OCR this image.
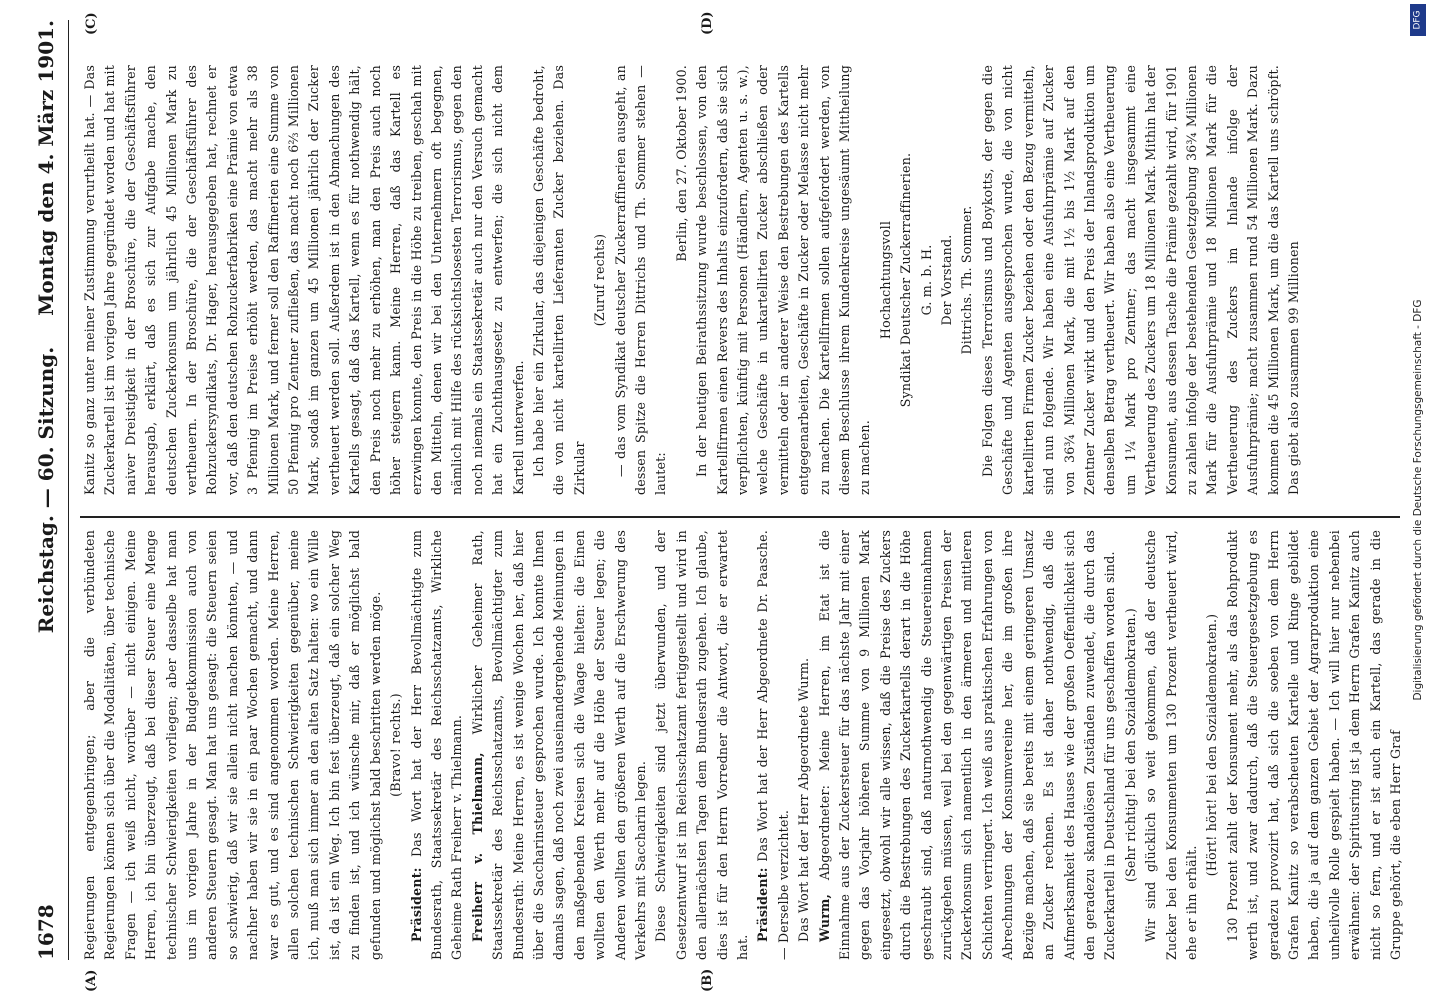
1678
Reichstag. — 60. Sitzung.
Montag den 4. März 1901.
(A)	(B)
(C)	(D)

Regierungen entgegenbringen; aber die verbündeten Regierungen können sich über die Modalitäten, über technische Fragen — ich weiß nicht, worüber — nicht einigen. Meine Herren, ich bin überzeugt, daß bei dieser Steuer eine Menge technischer Schwierigkeiten vorliegen; aber dasselbe hat man uns im vorigen Jahre in der Budgetkommission auch von anderen Steuern gesagt. Man hat uns gesagt: die Steuern seien so schwierig, daß wir sie allein nicht machen könnten, — und nachher haben wir sie in ein paar Wochen gemacht, und dann war es gut, und es sind angenommen worden. Meine Herren, allen solchen technischen Schwierigkeiten gegenüber, meine ich, muß man sich immer an den alten Satz halten: wo ein Wille ist, da ist ein Weg. Ich bin fest überzeugt, daß ein solcher Weg zu finden ist, und ich wünsche mir, daß er möglichst bald gefunden und möglichst bald beschritten werden möge. (Bravo! rechts.)

Präsident: Das Wort hat der Herr Bevollmächtigte zum Bundesrath, Staatssekretär des Reichsschatzamts, Wirkliche Geheime Rath Freiherr v. Thielmann. Freiherr v. Thielmann, Wirklicher Geheimer Rath, Staatssekretär des Reichsschatzamts, Bevollmächtigter zum Bundesrath: Meine Herren, es ist wenige Wochen her, daß hier über die Saccharinsteuer gesprochen wurde. Ich konnte Ihnen damals sagen, daß noch zwei auseinandergehende Meinungen in den maßgebenden Kreisen sich die Waage hielten: die Einen wollten den Werth mehr auf die Höhe der Steuer legen; die Anderen wollten den größeren Werth auf die Erschwerung des Verkehrs mit Saccharin legen. Diese Schwierigkeiten sind jetzt überwunden, und der Gesetzentwurf ist im Reichsschatzamt fertiggestellt und wird in den allernächsten Tagen dem Bundesrath zugehen. Ich glaube, dies ist für den Herrn Vorredner die Antwort, die er erwartet hat.

Präsident: Das Wort hat der Herr Abgeordnete Dr. Paasche. — Derselbe verzichtet. Das Wort hat der Herr Abgeordnete Wurm. Wurm, Abgeordneter: Meine Herren, im Etat ist die Einnahme aus der Zuckersteuer für das nächste Jahr mit einer gegen das Vorjahr höheren Summe von 9 Millionen Mark eingesetzt, obwohl wir alle wissen, daß die Preise des Zuckers durch die Bestrebungen des Zuckerkartells derart in die Höhe geschraubt sind, daß naturnothwendig die Steuereinnahmen zurückgehen müssen, weil bei den gegenwärtigen Preisen der Zuckerkonsum sich namentlich in den ärmeren und mittleren Schichten verringert. Ich weiß aus praktischen Erfahrungen von Abrechnungen der Konsumvereine her, die im großen ihre Bezüge machen, daß sie bereits mit einem geringeren Umsatz an Zucker rechnen. Es ist daher nothwendig, daß die Aufmerksamkeit des Hauses wie der großen Oeffentlichkeit sich den geradezu skandalösen Zuständen zuwendet, die durch das Zuckerkartell in Deutschland für uns geschaffen worden sind. (Sehr richtig! bei den Sozialdemokraten.) Wir sind glücklich so weit gekommen, daß der deutsche Zucker bei den Konsumenten um 130 Prozent vertheuert wird, ehe er ihn erhält.

(Hört! hört! bei den Sozialdemokraten.) 130 Prozent zahlt der Konsument mehr, als das Rohprodukt werth ist, und zwar dadurch, daß die Steuergesetzgebung es geradezu provozirt hat, daß sich die soeben von dem Herrn Grafen Kanitz so verabscheuten Kartelle und Ringe gebildet haben, die ja auf dem ganzen Gebiet der Agrarproduktion eine unheilvolle Rolle gespielt haben. — Ich will hier nur nebenbei erwähnen: der Spiritusring ist ja dem Herrn Grafen Kanitz auch nicht so fern, und er ist auch ein Kartell, das gerade in die Gruppe gehört, die eben Herr Graf

Kanitz so ganz unter meiner Zustimmung verurtheilt hat. — Das Zuckerkartell ist im vorigen Jahre gegründet worden und hat mit naiver Dreistigkeit in der Broschüre, die der Geschäftsführer herausgab, erklärt, daß es sich zur Aufgabe mache, den deutschen Zuckerkonsum um jährlich 45 Millionen Mark zu vertheuern. In der Broschüre, die der Geschäftsführer des Rohzuckersyndikats, Dr. Hager, herausgegeben hat, rechnet er vor, daß den deutschen Rohzuckerfabriken eine Prämie von etwa 3 Pfennig im Preise erhöht werden, das macht mehr als 38 Millionen Mark, und ferner soll den Raffinerien eine Summe von 50 Pfennig pro Zentner zufließen, das macht noch 6⅔ Millionen Mark, sodaß im ganzen um 45 Millionen jährlich der Zucker vertheuert werden soll. Außerdem ist in den Abmachungen des Kartells gesagt, daß das Kartell, wenn es für nothwendig hält, den Preis noch mehr zu erhöhen, man den Preis auch noch höher steigern kann. Meine Herren, daß das Kartell es erzwingen konnte, den Preis in die Höhe zu treiben, geschah mit den Mitteln, denen wir bei den Unternehmern oft begegnen, nämlich mit Hilfe des rücksichtslosesten Terrorismus, gegen den noch niemals ein Staatssekretär auch nur den Versuch gemacht hat ein Zuchthausgesetz zu entwerfen; die sich nicht dem Kartell unterwerfen. Ich habe hier ein Zirkular, das diejenigen Geschäfte bedroht, die von nicht kartellirten Lieferanten Zucker beziehen. Das Zirkular

(Zuruf rechts) — das vom Syndikat deutscher Zuckerraffinerien ausgeht, an dessen Spitze die Herren Dittrichs und Th. Sommer stehen — lautet:

Berlin, den 27. Oktober 1900. In der heutigen Beirathssitzung wurde beschlossen, von den Kartellfirmen einen Revers des Inhalts einzufordern, daß sie sich verpflichten, künftig mit Personen (Händlern, Agenten u. s. w.), welche Geschäfte in unkartellirten Zucker abschließen oder vermitteln oder in anderer Weise den Bestrebungen des Kartells entgegenarbeiten, Geschäfte in Zucker oder Melasse nicht mehr zu machen. Die Kartellfirmen sollen aufgefordert werden, von diesem Beschlusse ihrem Kundenkreise ungesäumt Mittheilung zu machen.

Hochachtungsvoll Syndikat Deutscher Zuckerraffinerien. G. m. b. H. Der Vorstand. Dittrichs. Th. Sommer. Die Folgen dieses Terrorismus und Boykotts, der gegen die Geschäfte und Agenten ausgesprochen wurde, die von nicht kartellirten Firmen Zucker beziehen oder den Bezug vermitteln, sind nun folgende. Wir haben eine Ausfuhrprämie auf Zucker von 36¾ Millionen Mark, die mit 1½ bis 1½ Mark auf den Zentner Zucker wirkt und den Preis der Inlandsproduktion um denselben Betrag vertheuert. Wir haben also eine Vertheuerung um 1¼ Mark pro Zentner; das macht insgesammt eine Vertheuerung des Zuckers um 18 Millionen Mark. Mithin hat der Konsument, aus dessen Tasche die Prämie gezahlt wird, für 1901 zu zahlen infolge der bestehenden Gesetzgebung 36¾ Millionen Mark für die Ausfuhrprämie und 18 Millionen Mark für die Vertheuerung des Zuckers im Inlande infolge der Ausfuhrprämie; macht zusammen rund 54 Millionen Mark. Dazu kommen die 45 Millionen Mark, um die das Kartell uns schröpft. Das giebt also zusammen 99 Millionen

DFG
Digitalisierung gefördert durch die Deutsche Forschungsgemeinschaft - DFG
